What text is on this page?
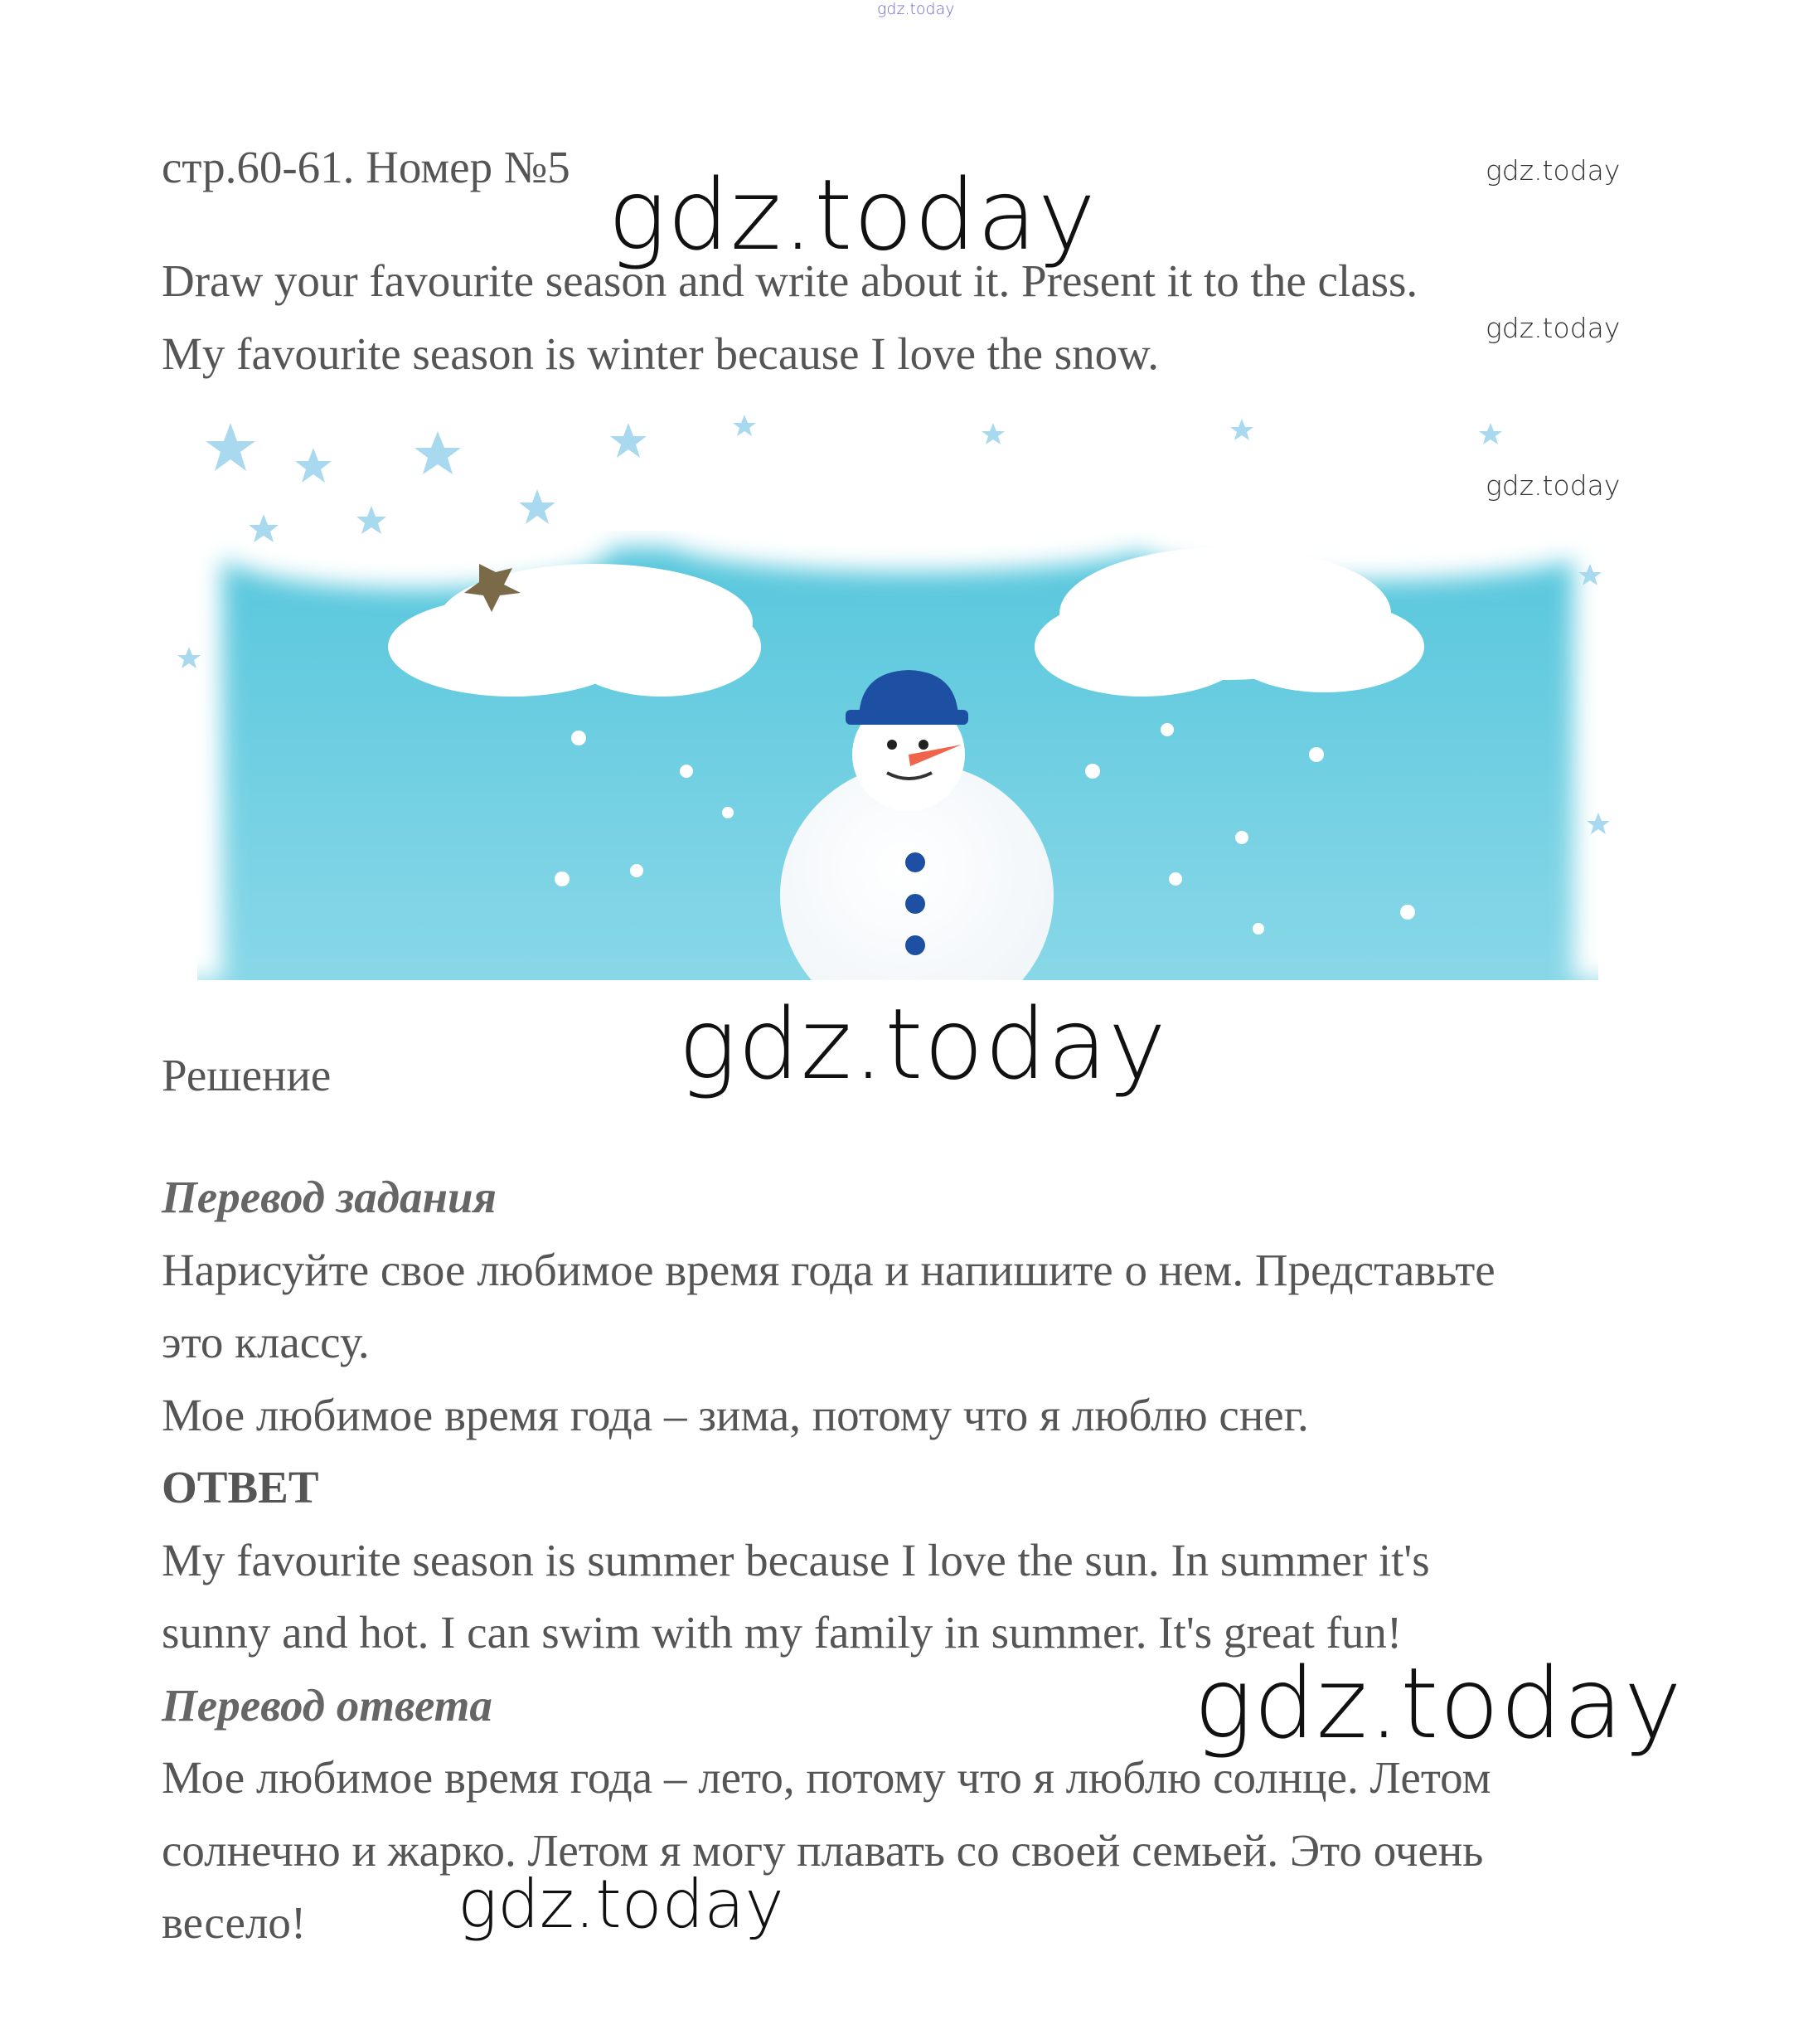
gdz.today
стр.60-61. Номер №5	gdz.today
gdz.today
Draw your favourite season and write about it. Present it to the class.
gdz.today
My favourite season is winter because I love the snow.
gdz.today
Решение	gdz.today
Перевод задания
Нарисуйте свое любимое время года и напишите о нем. Представьте
это классу.
Мое любимое время года – зима, потому что я люблю снег.
ОТВЕТ
My favourite season is summer because I love the sun. In summer it's
sunny and hot. I can swim with my family in summer. It's great fun!
Перевод ответа	gdz.today
Мое любимое время года – лето, потому что я люблю солнце. Летом
солнечно и жарко. Летом я могу плавать со своей семьей. Это очень
весело! gdz.today
